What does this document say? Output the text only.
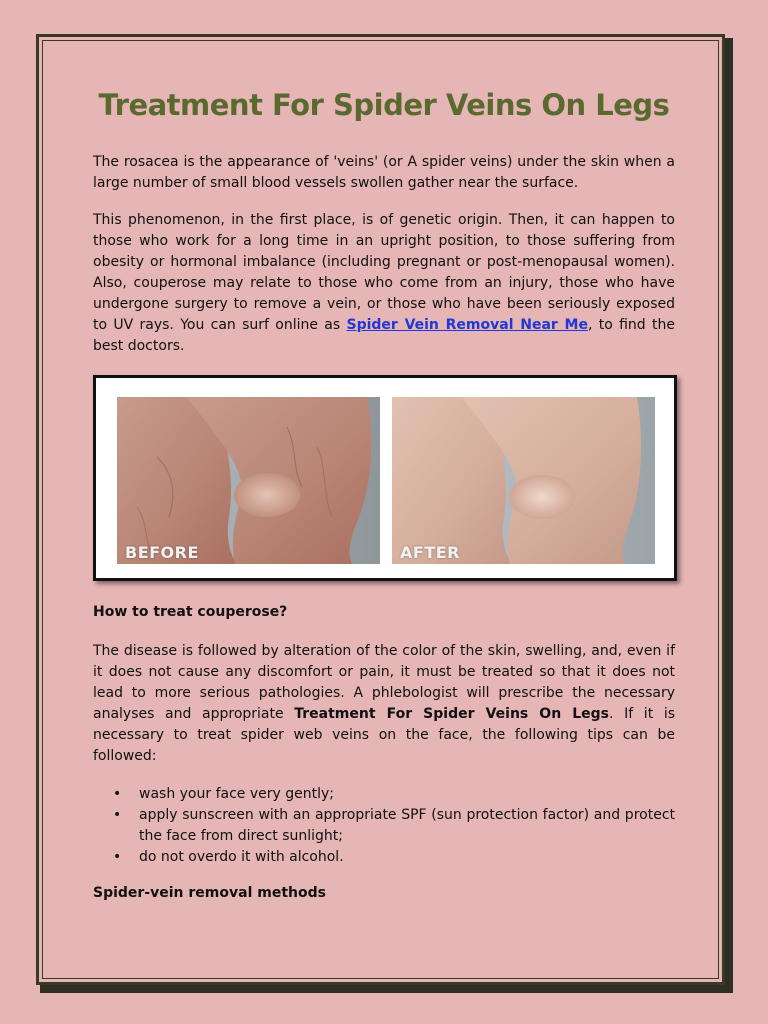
Treatment For Spider Veins On Legs

The rosacea is the appearance of 'veins' (or A spider veins) under the skin when a large number of small blood vessels swollen gather near the surface.

This phenomenon, in the first place, is of genetic origin. Then, it can happen to those who work for a long time in an upright position, to those suffering from obesity or hormonal imbalance (including pregnant or post-menopausal women). Also, couperose may relate to those who come from an injury, those who have undergone surgery to remove a vein, or those who have been seriously exposed to UV rays. You can surf online as Spider Vein Removal Near Me, to find the best doctors.

BEFORE	AFTER
How to treat couperose?

The disease is followed by alteration of the color of the skin, swelling, and, even if it does not cause any discomfort or pain, it must be treated so that it does not lead to more serious pathologies. A phlebologist will prescribe the necessary analyses and appropriate Treatment For Spider Veins On Legs. If it is necessary to treat spider web veins on the face, the following tips can be followed:

• wash your face very gently;
• apply sunscreen with an appropriate SPF (sun protection factor) and protect the face from direct sunlight;
• do not overdo it with alcohol.
Spider-vein removal methods
